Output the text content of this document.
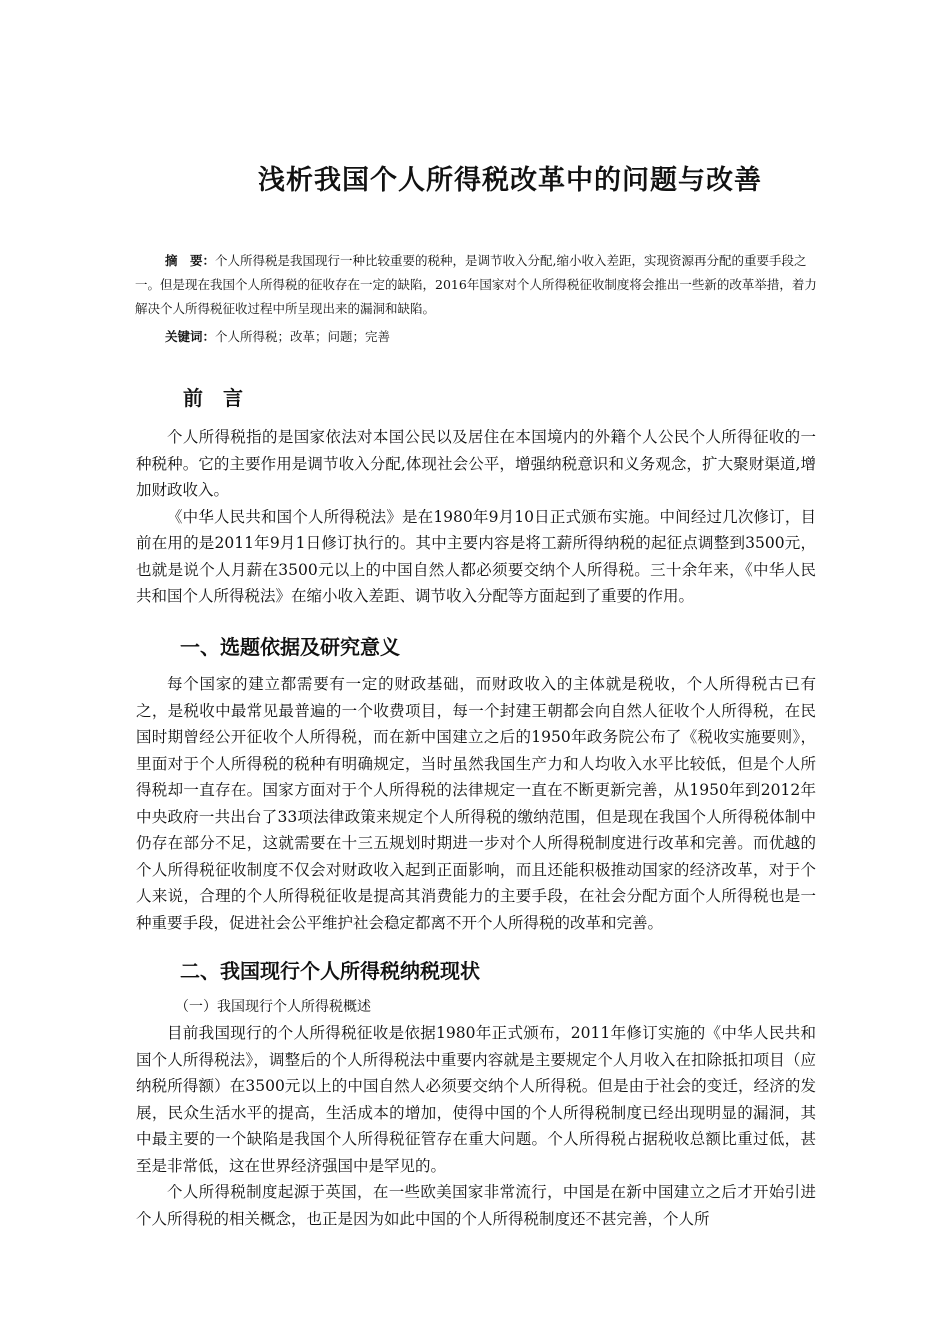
浅析我国个人所得税改革中的问题与改善

摘　要：个人所得税是我国现行一种比较重要的税种，是调节收入分配,缩小收入差距，实现资源再分配的重要手段之一。但是现在我国个人所得税的征收存在一定的缺陷，2016年国家对个人所得税征收制度将会推出一些新的改革举措，着力解决个人所得税征收过程中所呈现出来的漏洞和缺陷。

关键词：个人所得税；改革；问题；完善

前言

个人所得税指的是国家依法对本国公民以及居住在本国境内的外籍个人公民个人所得征收的一种税种。它的主要作用是调节收入分配,体现社会公平，增强纳税意识和义务观念，扩大聚财渠道,增加财政收入。

《中华人民共和国个人所得税法》是在1980年9月10日正式颁布实施。中间经过几次修订，目前在用的是2011年9月1日修订执行的。其中主要内容是将工薪所得纳税的起征点调整到3500元，也就是说个人月薪在3500元以上的中国自然人都必须要交纳个人所得税。三十余年来，《中华人民共和国个人所得税法》在缩小收入差距、调节收入分配等方面起到了重要的作用。

一、选题依据及研究意义

每个国家的建立都需要有一定的财政基础，而财政收入的主体就是税收，个人所得税古已有之，是税收中最常见最普遍的一个收费项目，每一个封建王朝都会向自然人征收个人所得税，在民国时期曾经公开征收个人所得税，而在新中国建立之后的1950年政务院公布了《税收实施要则》，里面对于个人所得税的税种有明确规定，当时虽然我国生产力和人均收入水平比较低，但是个人所得税却一直存在。国家方面对于个人所得税的法律规定一直在不断更新完善，从1950年到2012年中央政府一共出台了33项法律政策来规定个人所得税的缴纳范围，但是现在我国个人所得税体制中仍存在部分不足，这就需要在十三五规划时期进一步对个人所得税制度进行改革和完善。而优越的个人所得税征收制度不仅会对财政收入起到正面影响，而且还能积极推动国家的经济改革，对于个人来说，合理的个人所得税征收是提高其消费能力的主要手段，在社会分配方面个人所得税也是一种重要手段，促进社会公平维护社会稳定都离不开个人所得税的改革和完善。

二、我国现行个人所得税纳税现状
（一）我国现行个人所得税概述

目前我国现行的个人所得税征收是依据1980年正式颁布，2011年修订实施的《中华人民共和国个人所得税法》，调整后的个人所得税法中重要内容就是主要规定个人月收入在扣除抵扣项目（应纳税所得额）在3500元以上的中国自然人必须要交纳个人所得税。但是由于社会的变迁，经济的发展，民众生活水平的提高，生活成本的增加，使得中国的个人所得税制度已经出现明显的漏洞，其中最主要的一个缺陷是我国个人所得税征管存在重大问题。个人所得税占据税收总额比重过低，甚至是非常低，这在世界经济强国中是罕见的。

个人所得税制度起源于英国，在一些欧美国家非常流行，中国是在新中国建立之后才开始引进个人所得税的相关概念，也正是因为如此中国的个人所得税制度还不甚完善，个人所
